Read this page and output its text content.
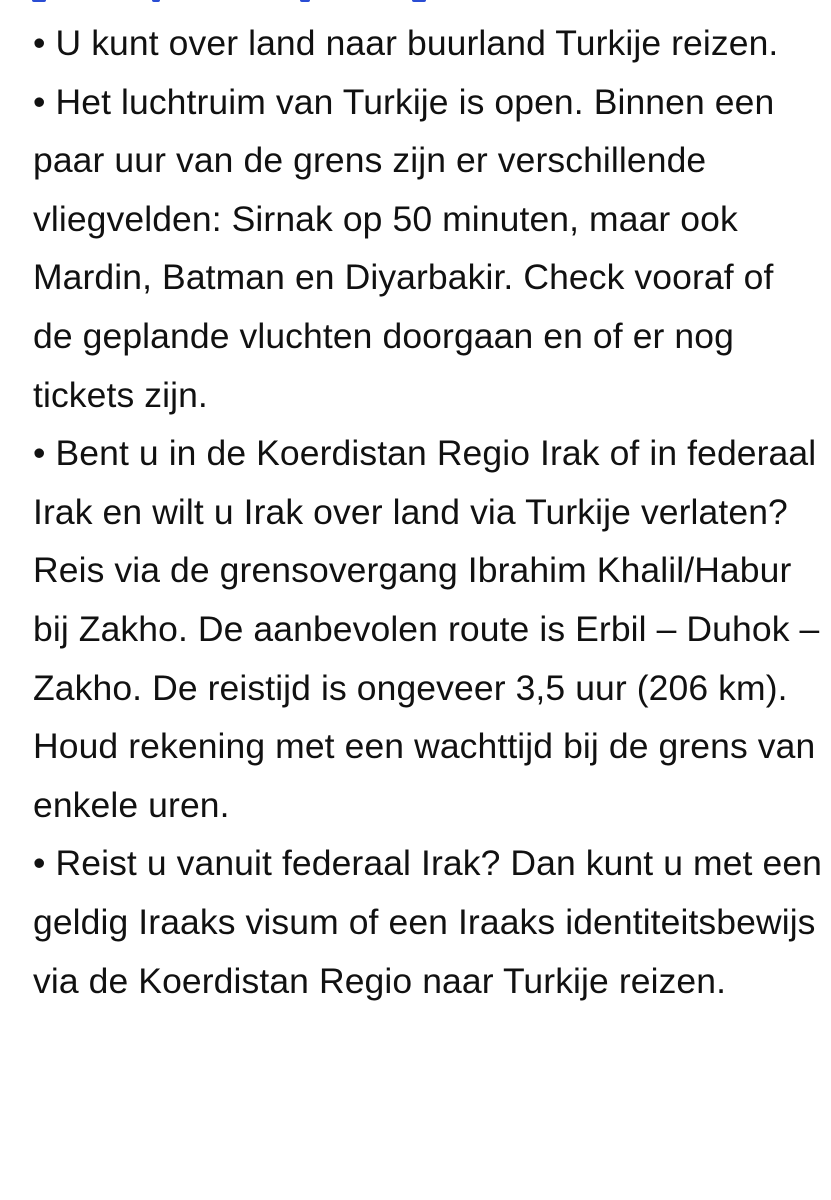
• U kunt over land naar buurland Turkije reizen.

• Het luchtruim van Turkije is open. Binnen een paar uur van de grens zijn er verschillende vliegvelden: Sirnak op 50 minuten, maar ook Mardin, Batman en Diyarbakir. Check vooraf of de geplande vluchten doorgaan en of er nog tickets zijn.

• Bent u in de Koerdistan Regio Irak of in federaal Irak en wilt u Irak over land via Turkije verlaten? Reis via de grensovergang Ibrahim Khalil/Habur bij Zakho. De aanbevolen route is Erbil – Duhok – Zakho. De reistijd is ongeveer 3,5 uur (206 km). Houd rekening met een wachttijd bij de grens van enkele uren.

• Reist u vanuit federaal Irak? Dan kunt u met een geldig Iraaks visum of een Iraaks identiteitsbewijs via de Koerdistan Regio naar Turkije reizen.
